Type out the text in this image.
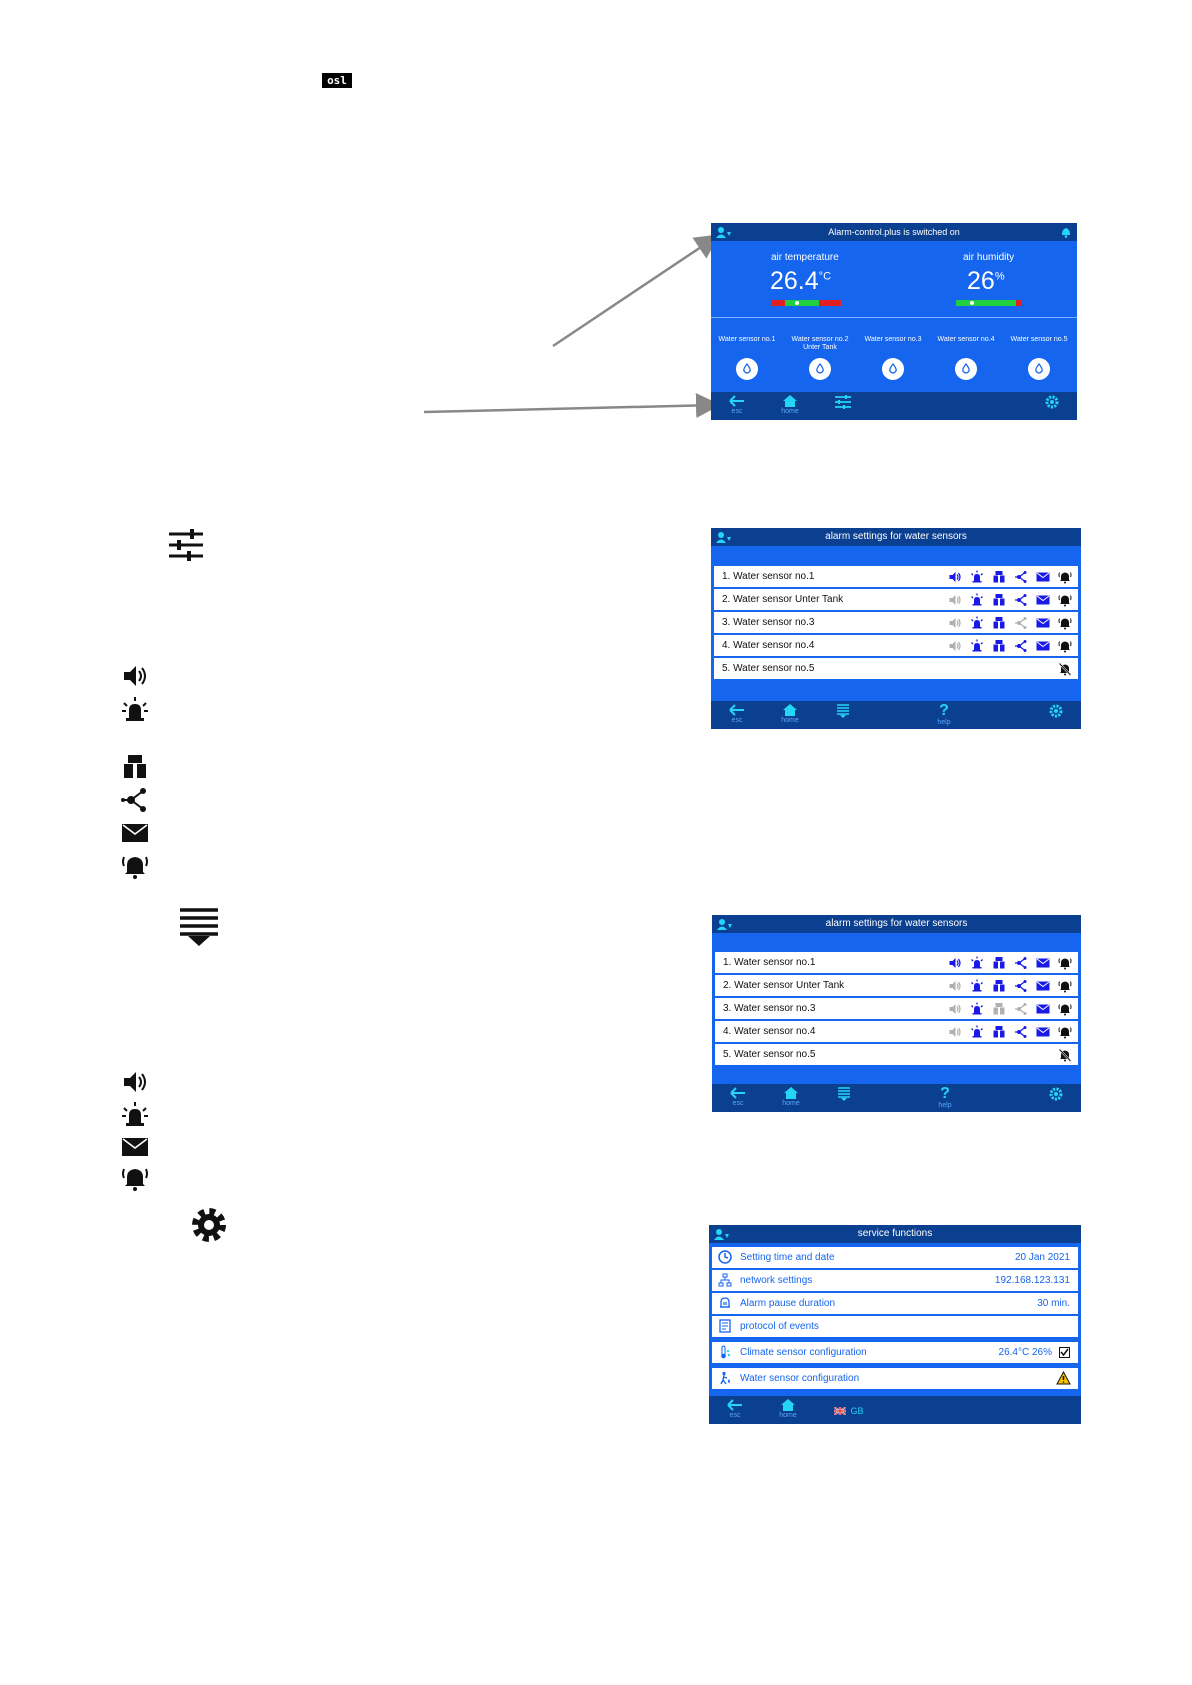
osl
Alarm-control.plus is switched on
air temperature
$26.4^{^\circ C}$
air humidity
26%
Water sensor no.1	Water sensor no.2 Unter Tank
Water sensor no.3	Water sensor no.4	Water sensor no.5
esc	home
alarm settings for water sensors
1. Water sensor no.1
2. Water sensor Unter Tank
3. Water sensor no.3
4. Water sensor no.4
5. Water sensor no.5
esc	home
?
help
alarm settings for water sensors
1. Water sensor no.1
2. Water sensor Unter Tank
3. Water sensor no.3
4. Water sensor no.4
5. Water sensor no.5
esc	home
?
help
service functions
Setting time and date	20 Jan 2021
network settings	192.168.123.131
Alarm pause duration	30 min.
protocol of events
Climate sensor configuration	26.4°C 26%
Water sensor configuration
esc	home	GB
